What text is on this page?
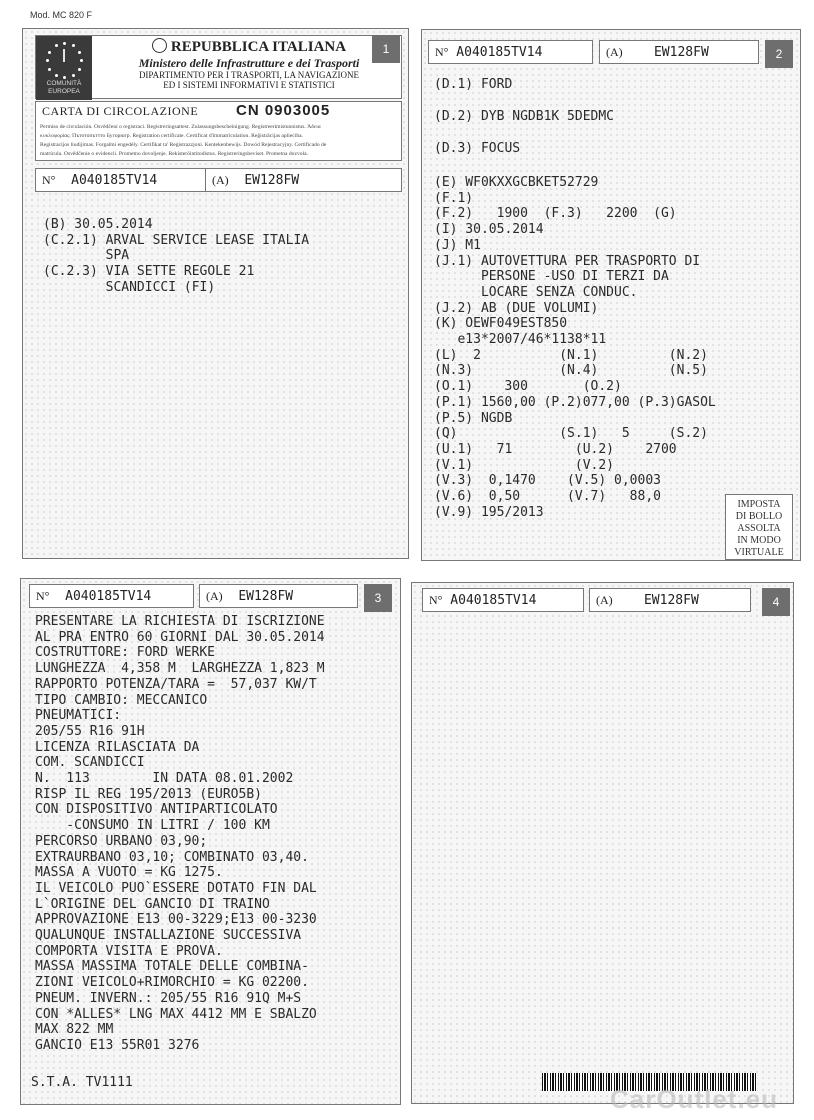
Mod. MC 820 F
I
COMUNITÀ EUROPEA
REPUBBLICA ITALIANA
Ministero delle Infrastrutture e dei Trasporti
DIPARTIMENTO PER I TRASPORTI, LA NAVIGAZIONE
ED I SISTEMI INFORMATIVI E STATISTICI
1
CARTA DI CIRCOLAZIONE	CN 0903005
Permiso de circulación. Osvědčení o registraci. Registreringsattest. Zulassungsbescheinigung. Registreerimistunnistus. Άδεια
κυκλοφορίας. Пътотопъттто Бугорюгр. Registration certificate. Certificat d'immatriculation. Reģistrācijas apliecība.
Registracijos liudijimas. Forgalmi engedély. Certifikat ta' Reġistrazzjoni. Kentekenbewijs. Dowód Rejestracyjny. Certificado de
matrícula. Osvědčenie o evidencii. Prometno dovoljenje. Rekisteröintitodistus. Registreringsbeviset. Prometna dozvola.
N° A040185TV14	(A) EW128FW
(B) 30.05.2014
(C.2.1) ARVAL SERVICE LEASE ITALIA
SPA
(C.2.3) VIA SETTE REGOLE 21
SCANDICCI (FI)
N° A040185TV14	(A) EW128FW	2
(D.1) FORD
(D.2) DYB NGDB1K 5DEDMC
(D.3) FOCUS
(E) WF0KXXGCBKET52729
(F.1)
(F.2)   1900  (F.3)   2200  (G)
(I) 30.05.2014
(J) M1
(J.1) AUTOVETTURA PER TRASPORTO DI
PERSONE -USO DI TERZI DA
LOCARE SENZA CONDUC.
(J.2) AB (DUE VOLUMI)
(K) OEWF049EST850
e13*2007/46*1138*11
(L)  2          (N.1)         (N.2)
(N.3)           (N.4)         (N.5)
(O.1)    300       (O.2)
(P.1) 1560,00 (P.2)077,00 (P.3)GASOL
(P.5) NGDB
(Q)             (S.1)   5     (S.2)
(U.1)   71        (U.2)    2700
(V.1)             (V.2)
(V.3)  0,1470    (V.5) 0,0003
(V.6)  0,50      (V.7)   88,0
(V.9) 195/2013
IMPOSTA
DI BOLLO
ASSOLTA
IN MODO
VIRTUALE
N° A040185TV14	(A) EW128FW	3
PRESENTARE LA RICHIESTA DI ISCRIZIONE
AL PRA ENTRO 60 GIORNI DAL 30.05.2014
COSTRUTTORE: FORD WERKE
LUNGHEZZA  4,358 M  LARGHEZZA 1,823 M
RAPPORTO POTENZA/TARA =  57,037 KW/T
TIPO CAMBIO: MECCANICO
PNEUMATICI:
205/55 R16 91H
LICENZA RILASCIATA DA
COM. SCANDICCI
N.  113        IN DATA 08.01.2002
RISP IL REG 195/2013 (EURO5B)
CON DISPOSITIVO ANTIPARTICOLATO
-CONSUMO IN LITRI / 100 KM
PERCORSO URBANO 03,90;
EXTRAURBANO 03,10; COMBINATO 03,40.
MASSA A VUOTO = KG 1275.
IL VEICOLO PUO`ESSERE DOTATO FIN DAL
L`ORIGINE DEL GANCIO DI TRAINO
APPROVAZIONE E13 00-3229;E13 00-3230
QUALUNQUE INSTALLAZIONE SUCCESSIVA
COMPORTA VISITA E PROVA.
MASSA MASSIMA TOTALE DELLE COMBINA-
ZIONI VEICOLO+RIMORCHIO = KG 02200.
PNEUM. INVERN.: 205/55 R16 91Q M+S
CON *ALLES* LNG MAX 4412 MM E SBALZO
MAX 822 MM
GANCIO E13 55R01 3276
S.T.A. TV1111
N° A040185TV14	(A) EW128FW	4
CarOutlet.eu
